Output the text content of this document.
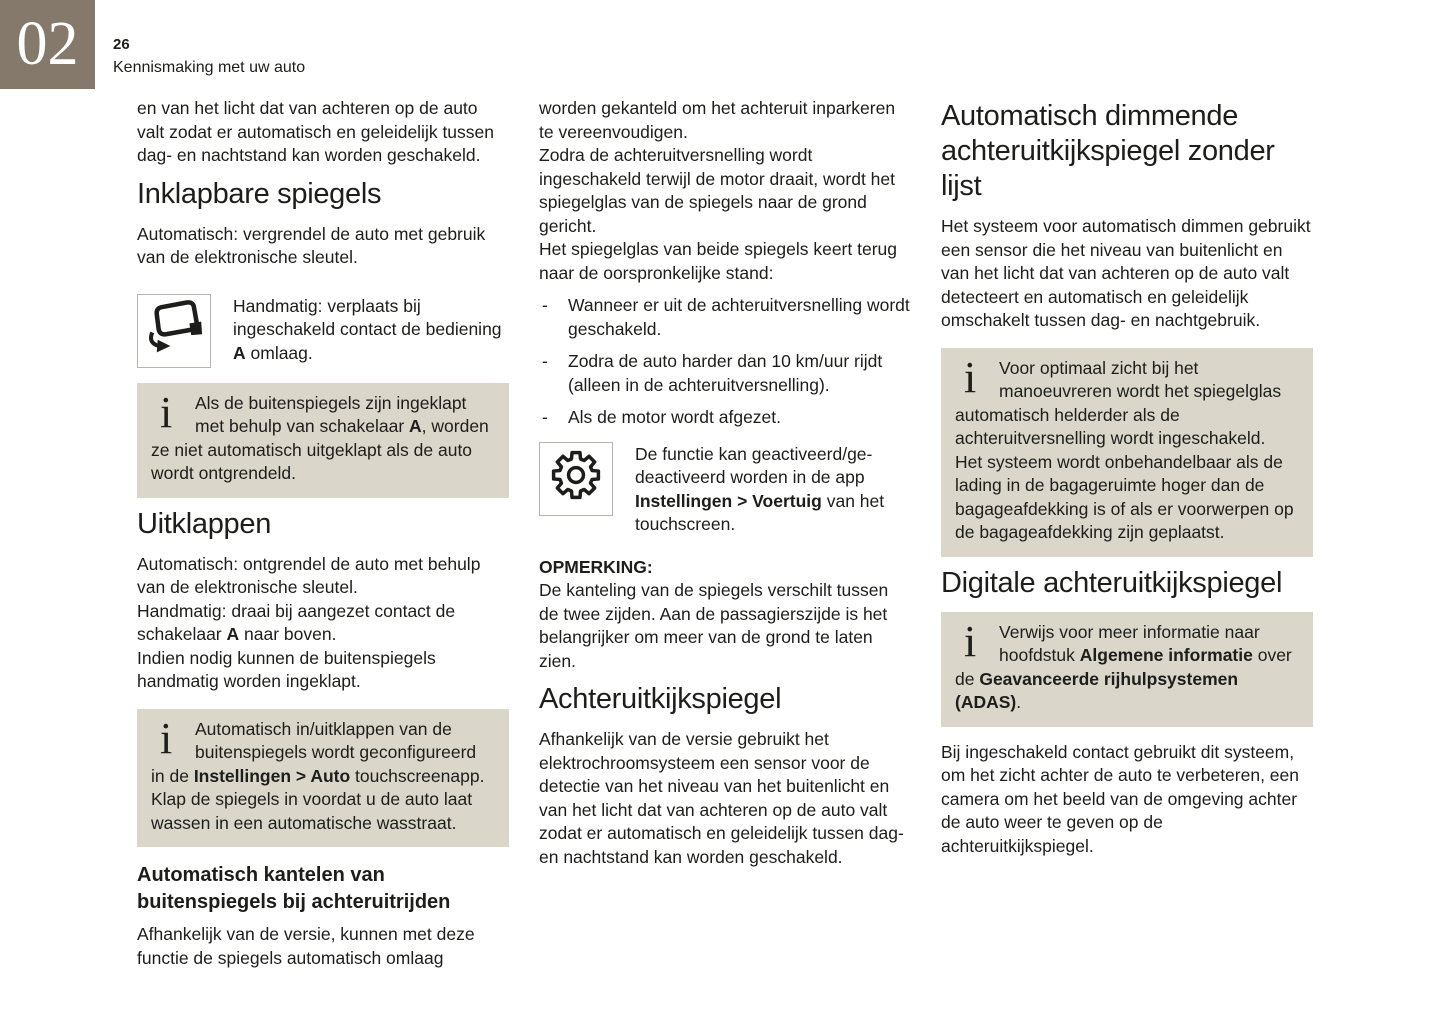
02 26
Kennismaking met uw auto

en van het licht dat van achteren op de auto valt zodat er automatisch en geleidelijk tussen dag- en nachtstand kan worden geschakeld.

Inklapbare spiegels

Automatisch: vergrendel de auto met gebruik van de elektronische sleutel.

Handmatig: verplaats bij ingeschakeld contact de bediening A omlaag.

i	Als de buitenspiegels zijn ingeklapt met behulp van schakelaar A, worden ze niet automatisch uitgeklapt als de auto wordt ontgrendeld.
Uitklappen

Automatisch: ontgrendel de auto met behulp van de elektronische sleutel.

Handmatig: draai bij aangezet contact de schakelaar A naar boven.

Indien nodig kunnen de buitenspiegels handmatig worden ingeklapt.

i	Automatisch in/uitklappen van de buitenspiegels wordt geconfigureerd in de Instellingen > Auto touchscreenapp. Klap de spiegels in voordat u de auto laat wassen in een automatische wasstraat.
Automatisch kantelen van buitenspiegels bij achteruitrijden

Afhankelijk van de versie, kunnen met deze functie de spiegels automatisch omlaag

worden gekanteld om het achteruit inparkeren te vereenvoudigen.

Zodra de achteruitversnelling wordt ingeschakeld terwijl de motor draait, wordt het spiegelglas van de spiegels naar de grond gericht.

Het spiegelglas van beide spiegels keert terug naar de oorspronkelijke stand:

- Wanneer er uit de achteruitversnelling wordt geschakeld.
- Zodra de auto harder dan 10 km/uur rijdt (alleen in de achteruitversnelling).
- Als de motor wordt afgezet.

De functie kan geactiveerd/ge-deactiveerd worden in de app Instellingen > Voertuig van het touchscreen.

OPMERKING:

De kanteling van de spiegels verschilt tussen de twee zijden. Aan de passagierszijde is het belangrijker om meer van de grond te laten zien.

Achteruitkijkspiegel

Afhankelijk van de versie gebruikt het elektrochroomsysteem een sensor voor de detectie van het niveau van het buitenlicht en van het licht dat van achteren op de auto valt zodat er automatisch en geleidelijk tussen dag- en nachtstand kan worden geschakeld.

Automatisch dimmende achteruitkijkspiegel zonder lijst

Het systeem voor automatisch dimmen gebruikt een sensor die het niveau van buitenlicht en van het licht dat van achteren op de auto valt detecteert en automatisch en geleidelijk omschakelt tussen dag- en nachtgebruik.

i	Voor optimaal zicht bij het manoeuvreren wordt het spiegelglas automatisch helderder als de achteruitversnelling wordt ingeschakeld. Het systeem wordt onbehandelbaar als de lading in de bagageruimte hoger dan de bagageafdekking is of als er voorwerpen op de bagageafdekking zijn geplaatst.
Digitale achteruitkijkspiegel
i	Verwijs voor meer informatie naar hoofdstuk Algemene informatie over de Geavanceerde rijhulpsystemen (ADAS).

Bij ingeschakeld contact gebruikt dit systeem, om het zicht achter de auto te verbeteren, een camera om het beeld van de omgeving achter de auto weer te geven op de achteruitkijkspiegel.
